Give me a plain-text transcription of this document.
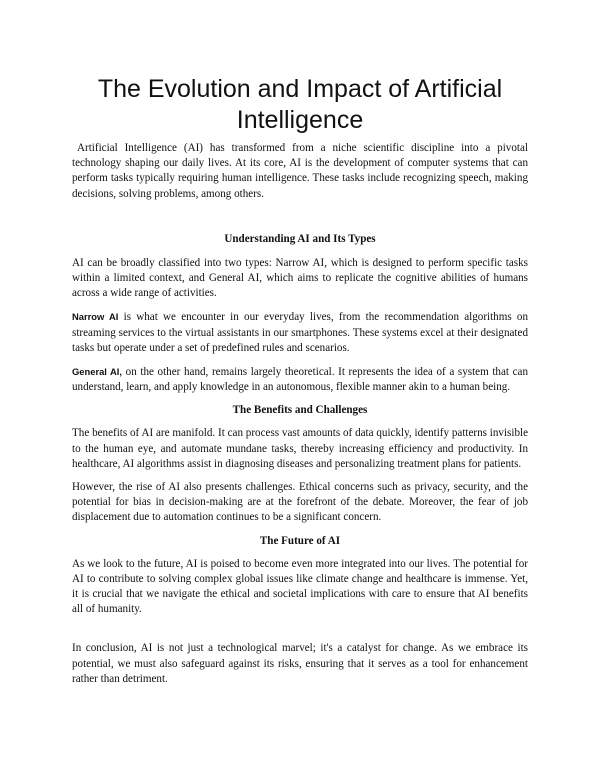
The Evolution and Impact of Artificial Intelligence

Artificial Intelligence (AI) has transformed from a niche scientific discipline into a pivotal technology shaping our daily lives. At its core, AI is the development of computer systems that can perform tasks typically requiring human intelligence. These tasks include recognizing speech, making decisions, solving problems, among others.

Understanding AI and Its Types

AI can be broadly classified into two types: Narrow AI, which is designed to perform specific tasks within a limited context, and General AI, which aims to replicate the cognitive abilities of humans across a wide range of activities.

Narrow AI is what we encounter in our everyday lives, from the recommendation algorithms on streaming services to the virtual assistants in our smartphones. These systems excel at their designated tasks but operate under a set of predefined rules and scenarios.

General AI, on the other hand, remains largely theoretical. It represents the idea of a system that can understand, learn, and apply knowledge in an autonomous, flexible manner akin to a human being.

The Benefits and Challenges

The benefits of AI are manifold. It can process vast amounts of data quickly, identify patterns invisible to the human eye, and automate mundane tasks, thereby increasing efficiency and productivity. In healthcare, AI algorithms assist in diagnosing diseases and personalizing treatment plans for patients.

However, the rise of AI also presents challenges. Ethical concerns such as privacy, security, and the potential for bias in decision-making are at the forefront of the debate. Moreover, the fear of job displacement due to automation continues to be a significant concern.

The Future of AI

As we look to the future, AI is poised to become even more integrated into our lives. The potential for AI to contribute to solving complex global issues like climate change and healthcare is immense. Yet, it is crucial that we navigate the ethical and societal implications with care to ensure that AI benefits all of humanity.

In conclusion, AI is not just a technological marvel; it's a catalyst for change. As we embrace its potential, we must also safeguard against its risks, ensuring that it serves as a tool for enhancement rather than detriment.
